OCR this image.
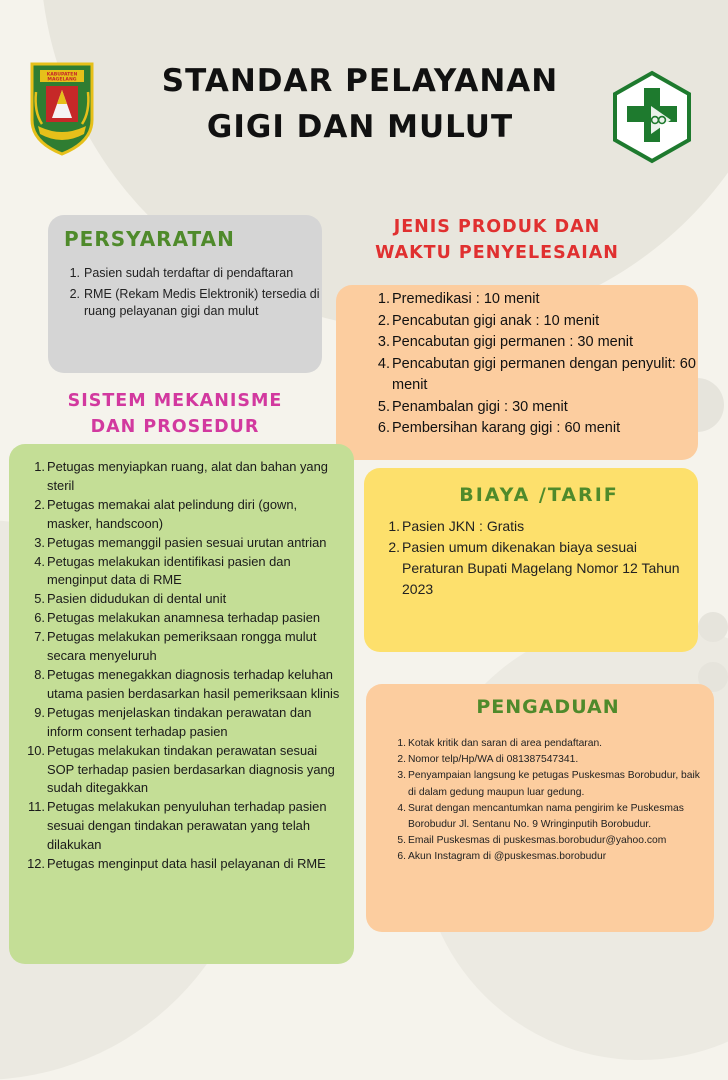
KABUPATEN
MAGELANG	STANDAR PELAYANAN
GIGI DAN MULUT
PERSYARATAN
Pasien sudah terdaftar di pendaftaran
RME (Rekam Medis Elektronik) tersedia di ruang pelayanan gigi dan mulut
JENIS PRODUK DAN
WAKTU PENYELESAIAN
Premedikasi : 10 menit
Pencabutan gigi anak : 10 menit
Pencabutan gigi permanen : 30 menit
Pencabutan gigi permanen dengan penyulit: 60 menit
Penambalan gigi : 30 menit
Pembersihan karang gigi : 60 menit
SISTEM MEKANISME
DAN PROSEDUR
Petugas menyiapkan ruang, alat dan bahan yang steril
Petugas memakai alat pelindung diri (gown, masker, handscoon)
Petugas memanggil pasien sesuai urutan antrian
Petugas melakukan identifikasi pasien dan menginput data di RME
Pasien didudukan di dental unit
Petugas melakukan anamnesa terhadap pasien
Petugas melakukan pemeriksaan rongga mulut secara menyeluruh
Petugas menegakkan diagnosis terhadap keluhan utama pasien berdasarkan hasil pemeriksaan klinis
Petugas menjelaskan tindakan perawatan dan inform consent terhadap pasien
Petugas melakukan tindakan perawatan sesuai SOP terhadap pasien berdasarkan diagnosis yang sudah ditegakkan
Petugas melakukan penyuluhan terhadap pasien sesuai dengan tindakan perawatan yang telah dilakukan
Petugas menginput data hasil pelayanan di RME
BIAYA /TARIF
Pasien JKN : Gratis
Pasien umum dikenakan biaya sesuai Peraturan Bupati Magelang Nomor 12 Tahun 2023
PENGADUAN
Kotak kritik dan saran di area pendaftaran.
Nomor telp/Hp/WA di 081387547341.
Penyampaian langsung ke petugas Puskesmas Borobudur, baik di dalam gedung maupun luar gedung.
Surat dengan mencantumkan nama pengirim ke Puskesmas Borobudur Jl. Sentanu No. 9 Wringinputih Borobudur.
Email Puskesmas di puskesmas.borobudur@yahoo.com
Akun Instagram di @puskesmas.borobudur
